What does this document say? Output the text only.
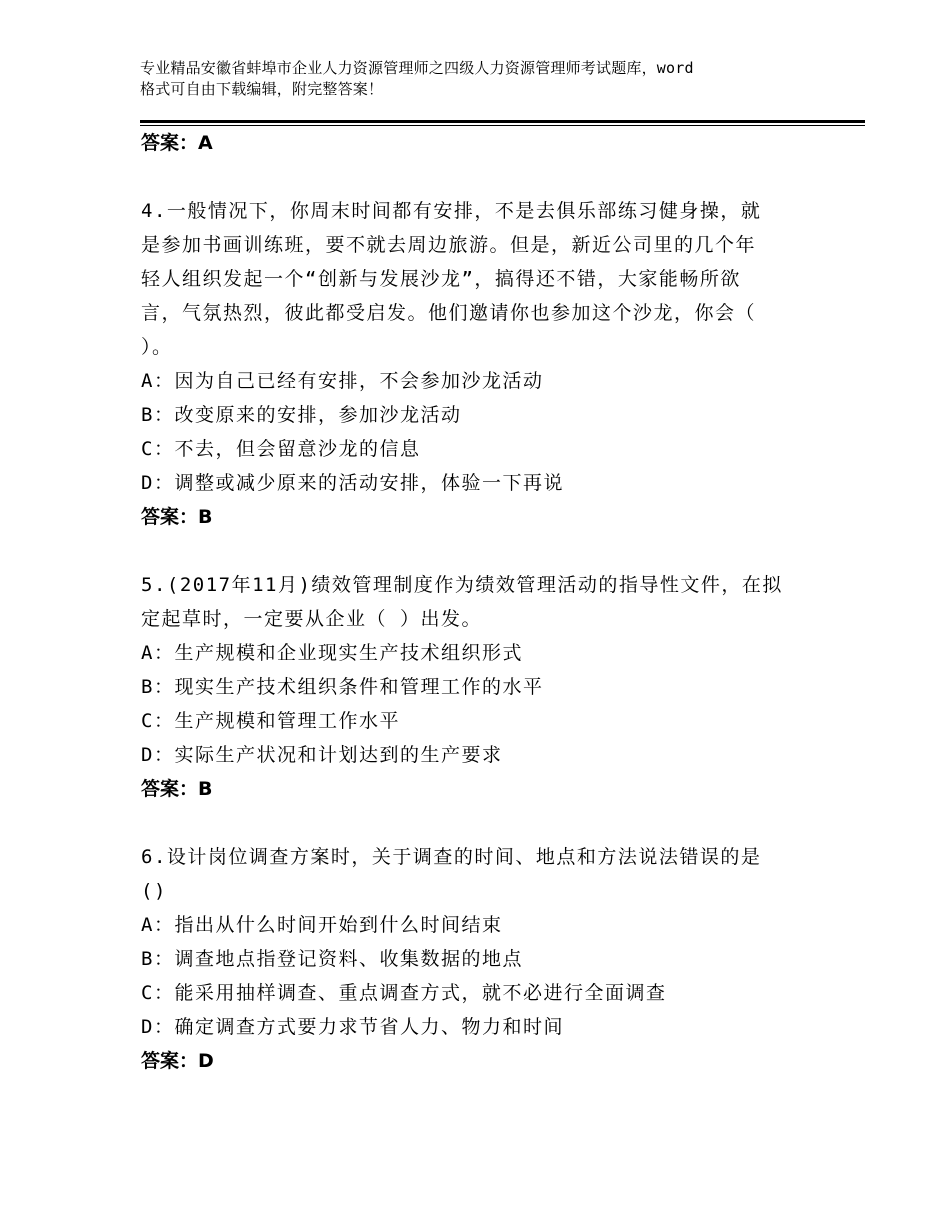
专业精品安徽省蚌埠市企业人力资源管理师之四级人力资源管理师考试题库，word
格式可自由下载编辑，附完整答案！
答案：A
4.一般情况下，你周末时间都有安排，不是去俱乐部练习健身操，就
是参加书画训练班，要不就去周边旅游。但是，新近公司里的几个年
轻人组织发起一个“创新与发展沙龙”，搞得还不错，大家能畅所欲
言，气氛热烈，彼此都受启发。他们邀请你也参加这个沙龙，你会（
）。
A：因为自己已经有安排，不会参加沙龙活动
B：改变原来的安排，参加沙龙活动
C：不去，但会留意沙龙的信息
D：调整或减少原来的活动安排，体验一下再说
答案：B
5.(2017年11月)绩效管理制度作为绩效管理活动的指导性文件，在拟
定起草时，一定要从企业（ ）出发。
A：生产规模和企业现实生产技术组织形式
B：现实生产技术组织条件和管理工作的水平
C：生产规模和管理工作水平
D：实际生产状况和计划达到的生产要求
答案：B
6.设计岗位调查方案时，关于调查的时间、地点和方法说法错误的是
()
A：指出从什么时间开始到什么时间结束
B：调查地点指登记资料、收集数据的地点
C：能采用抽样调查、重点调查方式，就不必进行全面调查
D：确定调查方式要力求节省人力、物力和时间
答案：D
